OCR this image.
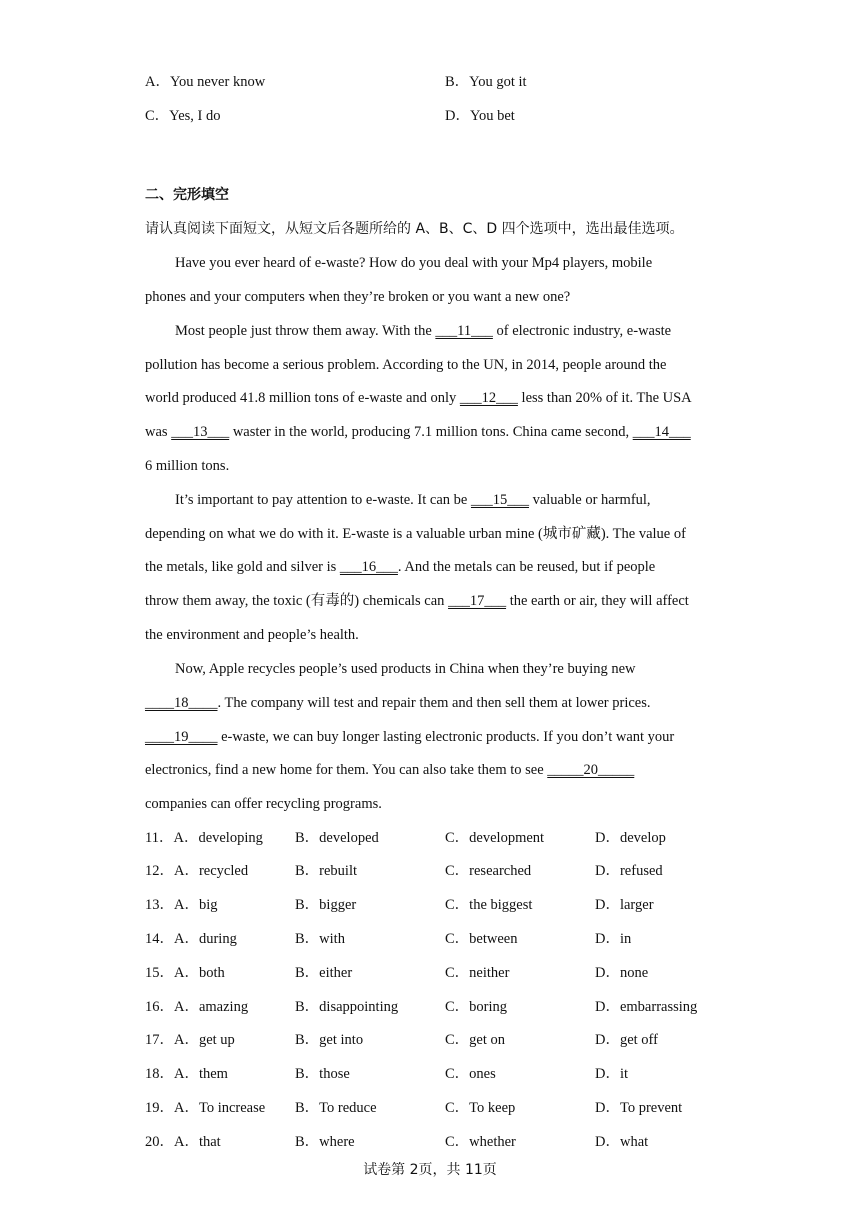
A．You never know	B．You got it
C．Yes, I do	D．You bet
二、完形填空
请认真阅读下面短文，从短文后各题所给的 A、B、C、D 四个选项中，选出最佳选项。
Have you ever heard of e-waste? How do you deal with your Mp4 players, mobile
phones and your computers when they’re broken or you want a new one?
Most people just throw them away. With the ___11___ of electronic industry, e-waste
pollution has become a serious problem. According to the UN, in 2014, people around the
world produced 41.8 million tons of e-waste and only ___12___ less than 20% of it. The USA
was ___13___ waster in the world, producing 7.1 million tons. China came second, ___14___
6 million tons.
It’s important to pay attention to e-waste. It can be ___15___ valuable or harmful,
depending on what we do with it. E-waste is a valuable urban mine (城市矿藏). The value of
the metals, like gold and silver is ___16___. And the metals can be reused, but if people
throw them away, the toxic (有毒的) chemicals can ___17___ the earth or air, they will affect
the environment and people’s health.
Now, Apple recycles people’s used products in China when they’re buying new
____18____. The company will test and repair them and then sell them at lower prices.
____19____ e-waste, we can buy longer lasting electronic products. If you don’t want your
electronics, find a new home for them. You can also take them to see _____20_____
companies can offer recycling programs.
11．A．developing B．developed	C．development	D．develop
12．A．recycled	B．rebuilt	C．researched	D．refused
13．A．big	B．bigger	C．the biggest	D．larger
14．A．during	B．with	C．between	D．in
15．A．both	B．either	C．neither	D．none
16．A．amazing	B．disappointing	C．boring	D．embarrassing
17．A．get up	B．get into	C．get on	D．get off
18．A．them	B．those	C．ones	D．it
19．A．To increase B．To reduce	C．To keep	D．To prevent
20．A．that	B．where	C．whether	D．what
试卷第 2页，共 11页
